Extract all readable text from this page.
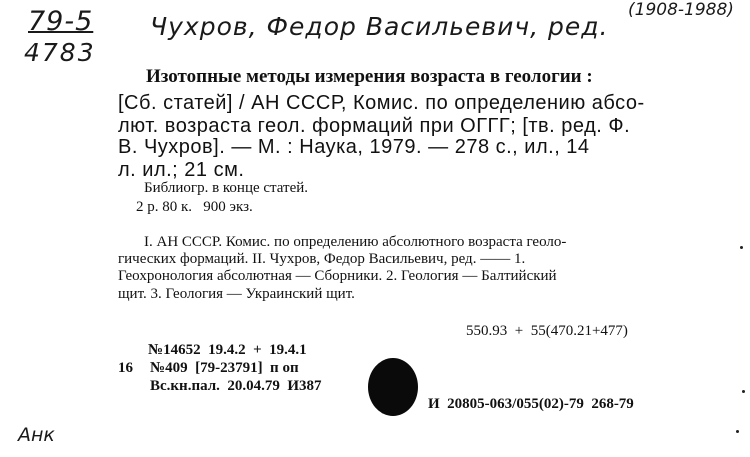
79-5
4783
Чухров, Федор Васильевич, ред.
(1908-1988)
Изотопные методы измерения возраста в геологии :
[Сб. статей] / АН СССР, Комис. по определению абсо-
лют. возраста геол. формаций при ОГГГ; [тв. ред. Ф.
В. Чухров]. — М. : Наука, 1979. — 278 с., ил., 14
л. ил.; 21 см.
Библиогр. в конце статей.
2 р. 80 к.   900 экз.
I. АН СССР. Комис. по определению абсолютного возраста геоло-
гических формаций. II. Чухров, Федор Васильевич, ред. —— 1.
Геохронология абсолютная — Сборники. 2. Геология — Балтийский
щит. 3. Геология — Украинский щит.
550.93  +  55(470.21+477)
№14652  19.4.2  +  19.4.1
16 №409  [79-23791]  п оп
Вс.кн.пал.  20.04.79  И387
И  20805-063/055(02)-79  268-79
Анк
